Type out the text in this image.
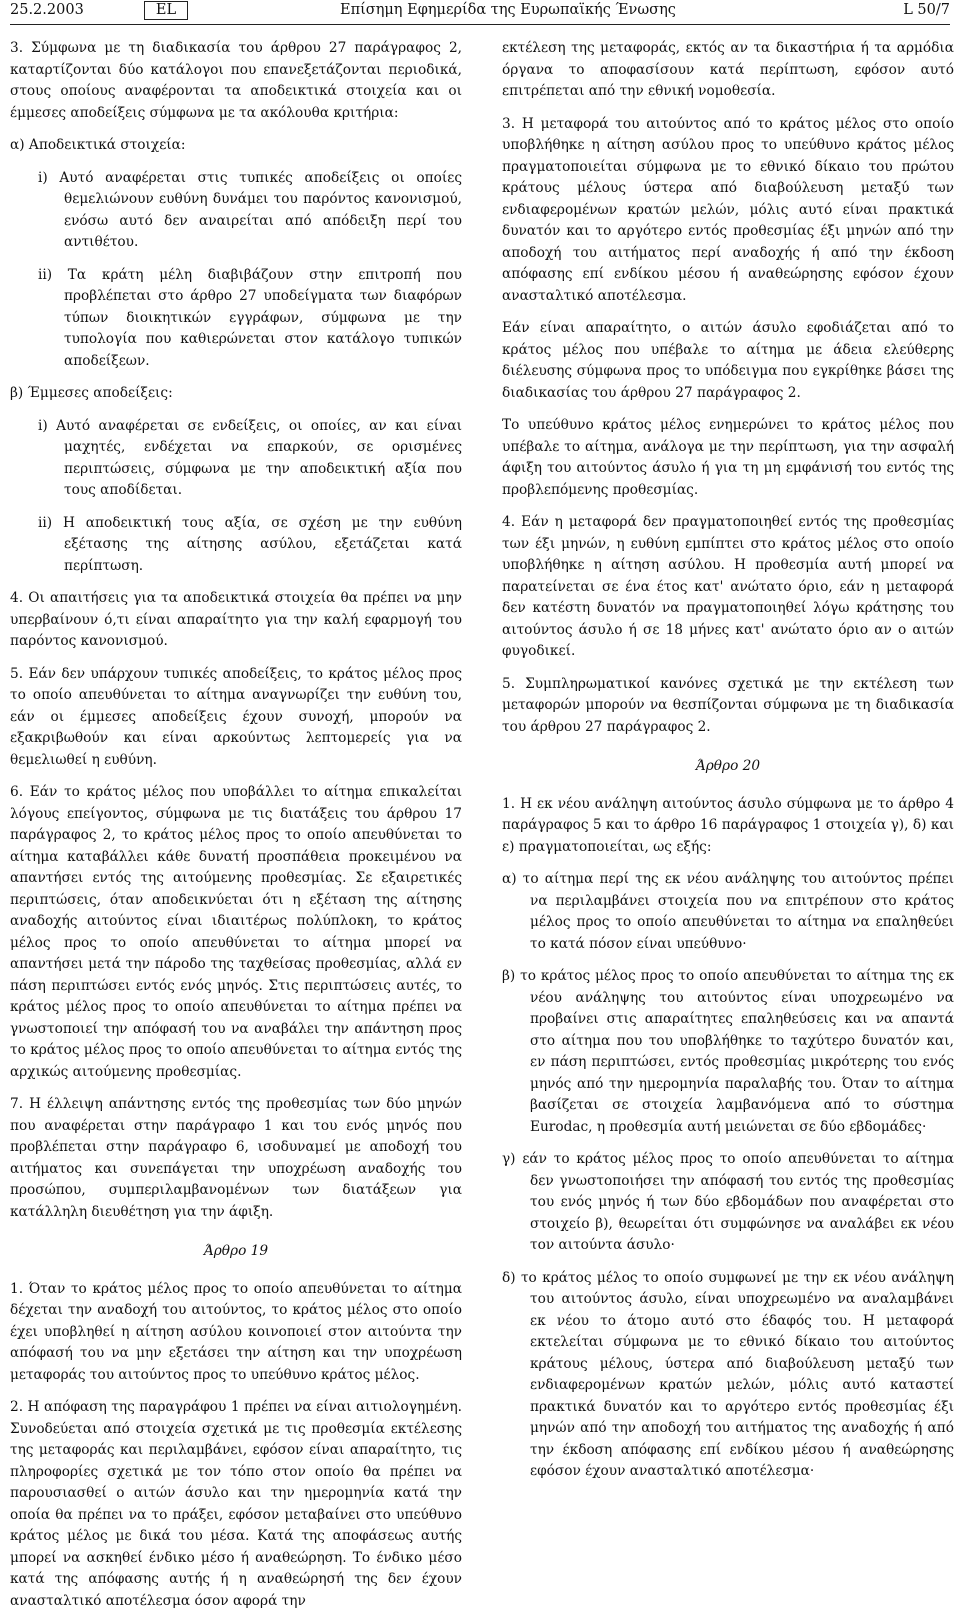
25.2.2003	EL	Επίσημη Εφημερίδα της Ευρωπαϊκής Ένωσης	L 50/7

3. Σύμφωνα με τη διαδικασία του άρθρου 27 παράγραφος 2, καταρτίζονται δύο κατάλογοι που επανεξετάζονται περιοδικά, στους οποίους αναφέρονται τα αποδεικτικά στοιχεία και οι έμμεσες αποδείξεις σύμφωνα με τα ακόλουθα κριτήρια:

α) Αποδεικτικά στοιχεία:

i) Αυτό αναφέρεται στις τυπικές αποδείξεις οι οποίες θεμελιώνουν ευθύνη δυνάμει του παρόντος κανονισμού, ενόσω αυτό δεν αναιρείται από απόδειξη περί του αντιθέτου.

ii) Τα κράτη μέλη διαβιβάζουν στην επιτροπή που προβλέπεται στο άρθρο 27 υποδείγματα των διαφόρων τύπων διοικητικών εγγράφων, σύμφωνα με την τυπολογία που καθιερώνεται στον κατάλογο τυπικών αποδείξεων.

β) Έμμεσες αποδείξεις:

i) Αυτό αναφέρεται σε ενδείξεις, οι οποίες, αν και είναι μαχητές, ενδέχεται να επαρκούν, σε ορισμένες περιπτώσεις, σύμφωνα με την αποδεικτική αξία που τους αποδίδεται.

ii) Η αποδεικτική τους αξία, σε σχέση με την ευθύνη εξέτασης της αίτησης ασύλου, εξετάζεται κατά περίπτωση.

4. Οι απαιτήσεις για τα αποδεικτικά στοιχεία θα πρέπει να μην υπερβαίνουν ό,τι είναι απαραίτητο για την καλή εφαρμογή του παρόντος κανονισμού.

5. Εάν δεν υπάρχουν τυπικές αποδείξεις, το κράτος μέλος προς το οποίο απευθύνεται το αίτημα αναγνωρίζει την ευθύνη του, εάν οι έμμεσες αποδείξεις έχουν συνοχή, μπορούν να εξακριβωθούν και είναι αρκούντως λεπτομερείς για να θεμελιωθεί η ευθύνη.

6. Εάν το κράτος μέλος που υποβάλλει το αίτημα επικαλείται λόγους επείγοντος, σύμφωνα με τις διατάξεις του άρθρου 17 παράγραφος 2, το κράτος μέλος προς το οποίο απευθύνεται το αίτημα καταβάλλει κάθε δυνατή προσπάθεια προκειμένου να απαντήσει εντός της αιτούμενης προθεσμίας. Σε εξαιρετικές περιπτώσεις, όταν αποδεικνύεται ότι η εξέταση της αίτησης αναδοχής αιτούντος είναι ιδιαιτέρως πολύπλοκη, το κράτος μέλος προς το οποίο απευθύνεται το αίτημα μπορεί να απαντήσει μετά την πάροδο της ταχθείσας προθεσμίας, αλλά εν πάση περιπτώσει εντός ενός μηνός. Στις περιπτώσεις αυτές, το κράτος μέλος προς το οποίο απευθύνεται το αίτημα πρέπει να γνωστοποιεί την απόφασή του να αναβάλει την απάντηση προς το κράτος μέλος προς το οποίο απευθύνεται το αίτημα εντός της αρχικώς αιτούμενης προθεσμίας.

7. Η έλλειψη απάντησης εντός της προθεσμίας των δύο μηνών που αναφέρεται στην παράγραφο 1 και του ενός μηνός που προβλέπεται στην παράγραφο 6, ισοδυναμεί με αποδοχή του αιτήματος και συνεπάγεται την υποχρέωση αναδοχής του προσώπου, συμπεριλαμβανομένων των διατάξεων για κατάλληλη διευθέτηση για την άφιξη.

Άρθρο 19

1. Όταν το κράτος μέλος προς το οποίο απευθύνεται το αίτημα δέχεται την αναδοχή του αιτούντος, το κράτος μέλος στο οποίο έχει υποβληθεί η αίτηση ασύλου κοινοποιεί στον αιτούντα την απόφασή του να μην εξετάσει την αίτηση και την υποχρέωση μεταφοράς του αιτούντος προς το υπεύθυνο κράτος μέλος.

2. Η απόφαση της παραγράφου 1 πρέπει να είναι αιτιολογημένη. Συνοδεύεται από στοιχεία σχετικά με τις προθεσμία εκτέλεσης της μεταφοράς και περιλαμβάνει, εφόσον είναι απαραίτητο, τις πληροφορίες σχετικά με τον τόπο στον οποίο θα πρέπει να παρουσιασθεί ο αιτών άσυλο και την ημερομηνία κατά την οποία θα πρέπει να το πράξει, εφόσον μεταβαίνει στο υπεύθυνο κράτος μέλος με δικά του μέσα. Κατά της αποφάσεως αυτής μπορεί να ασκηθεί ένδικο μέσο ή αναθεώρηση. Το ένδικο μέσο κατά της απόφασης αυτής ή η αναθεώρησή της δεν έχουν ανασταλτικό αποτέλεσμα όσον αφορά την

εκτέλεση της μεταφοράς, εκτός αν τα δικαστήρια ή τα αρμόδια όργανα το αποφασίσουν κατά περίπτωση, εφόσον αυτό επιτρέπεται από την εθνική νομοθεσία.

3. Η μεταφορά του αιτούντος από το κράτος μέλος στο οποίο υποβλήθηκε η αίτηση ασύλου προς το υπεύθυνο κράτος μέλος πραγματοποιείται σύμφωνα με το εθνικό δίκαιο του πρώτου κράτους μέλους ύστερα από διαβούλευση μεταξύ των ενδιαφερομένων κρατών μελών, μόλις αυτό είναι πρακτικά δυνατόν και το αργότερο εντός προθεσμίας έξι μηνών από την αποδοχή του αιτήματος περί αναδοχής ή από την έκδοση απόφασης επί ενδίκου μέσου ή αναθεώρησης εφόσον έχουν ανασταλτικό αποτέλεσμα.

Εάν είναι απαραίτητο, ο αιτών άσυλο εφοδιάζεται από το κράτος μέλος που υπέβαλε το αίτημα με άδεια ελεύθερης διέλευσης σύμφωνα προς το υπόδειγμα που εγκρίθηκε βάσει της διαδικασίας του άρθρου 27 παράγραφος 2.

Το υπεύθυνο κράτος μέλος ενημερώνει το κράτος μέλος που υπέβαλε το αίτημα, ανάλογα με την περίπτωση, για την ασφαλή άφιξη του αιτούντος άσυλο ή για τη μη εμφάνισή του εντός της προβλεπόμενης προθεσμίας.

4. Εάν η μεταφορά δεν πραγματοποιηθεί εντός της προθεσμίας των έξι μηνών, η ευθύνη εμπίπτει στο κράτος μέλος στο οποίο υποβλήθηκε η αίτηση ασύλου. Η προθεσμία αυτή μπορεί να παρατείνεται σε ένα έτος κατ' ανώτατο όριο, εάν η μεταφορά δεν κατέστη δυνατόν να πραγματοποιηθεί λόγω κράτησης του αιτούντος άσυλο ή σε 18 μήνες κατ' ανώτατο όριο αν ο αιτών φυγοδικεί.

5. Συμπληρωματικοί κανόνες σχετικά με την εκτέλεση των μεταφορών μπορούν να θεσπίζονται σύμφωνα με τη διαδικασία του άρθρου 27 παράγραφος 2.

Άρθρο 20

1. Η εκ νέου ανάληψη αιτούντος άσυλο σύμφωνα με το άρθρο 4 παράγραφος 5 και το άρθρο 16 παράγραφος 1 στοιχεία γ), δ) και ε) πραγματοποιείται, ως εξής:

α) το αίτημα περί της εκ νέου ανάληψης του αιτούντος πρέπει να περιλαμβάνει στοιχεία που να επιτρέπουν στο κράτος μέλος προς το οποίο απευθύνεται το αίτημα να επαληθεύει το κατά πόσον είναι υπεύθυνο·

β) το κράτος μέλος προς το οποίο απευθύνεται το αίτημα της εκ νέου ανάληψης του αιτούντος είναι υποχρεωμένο να προβαίνει στις απαραίτητες επαληθεύσεις και να απαντά στο αίτημα που του υποβλήθηκε το ταχύτερο δυνατόν και, εν πάση περιπτώσει, εντός προθεσμίας μικρότερης του ενός μηνός από την ημερομηνία παραλαβής του. Όταν το αίτημα βασίζεται σε στοιχεία λαμβανόμενα από το σύστημα Eurodac, η προθεσμία αυτή μειώνεται σε δύο εβδομάδες·

γ) εάν το κράτος μέλος προς το οποίο απευθύνεται το αίτημα δεν γνωστοποιήσει την απόφασή του εντός της προθεσμίας του ενός μηνός ή των δύο εβδομάδων που αναφέρεται στο στοιχείο β), θεωρείται ότι συμφώνησε να αναλάβει εκ νέου τον αιτούντα άσυλο·

δ) το κράτος μέλος το οποίο συμφωνεί με την εκ νέου ανάληψη του αιτούντος άσυλο, είναι υποχρεωμένο να αναλαμβάνει εκ νέου το άτομο αυτό στο έδαφός του. Η μεταφορά εκτελείται σύμφωνα με το εθνικό δίκαιο του αιτούντος κράτους μέλους, ύστερα από διαβούλευση μεταξύ των ενδιαφερομένων κρατών μελών, μόλις αυτό καταστεί πρακτικά δυνατόν και το αργότερο εντός προθεσμίας έξι μηνών από την αποδοχή του αιτήματος της αναδοχής ή από την έκδοση απόφασης επί ενδίκου μέσου ή αναθεώρησης εφόσον έχουν ανασταλτικό αποτέλεσμα·
